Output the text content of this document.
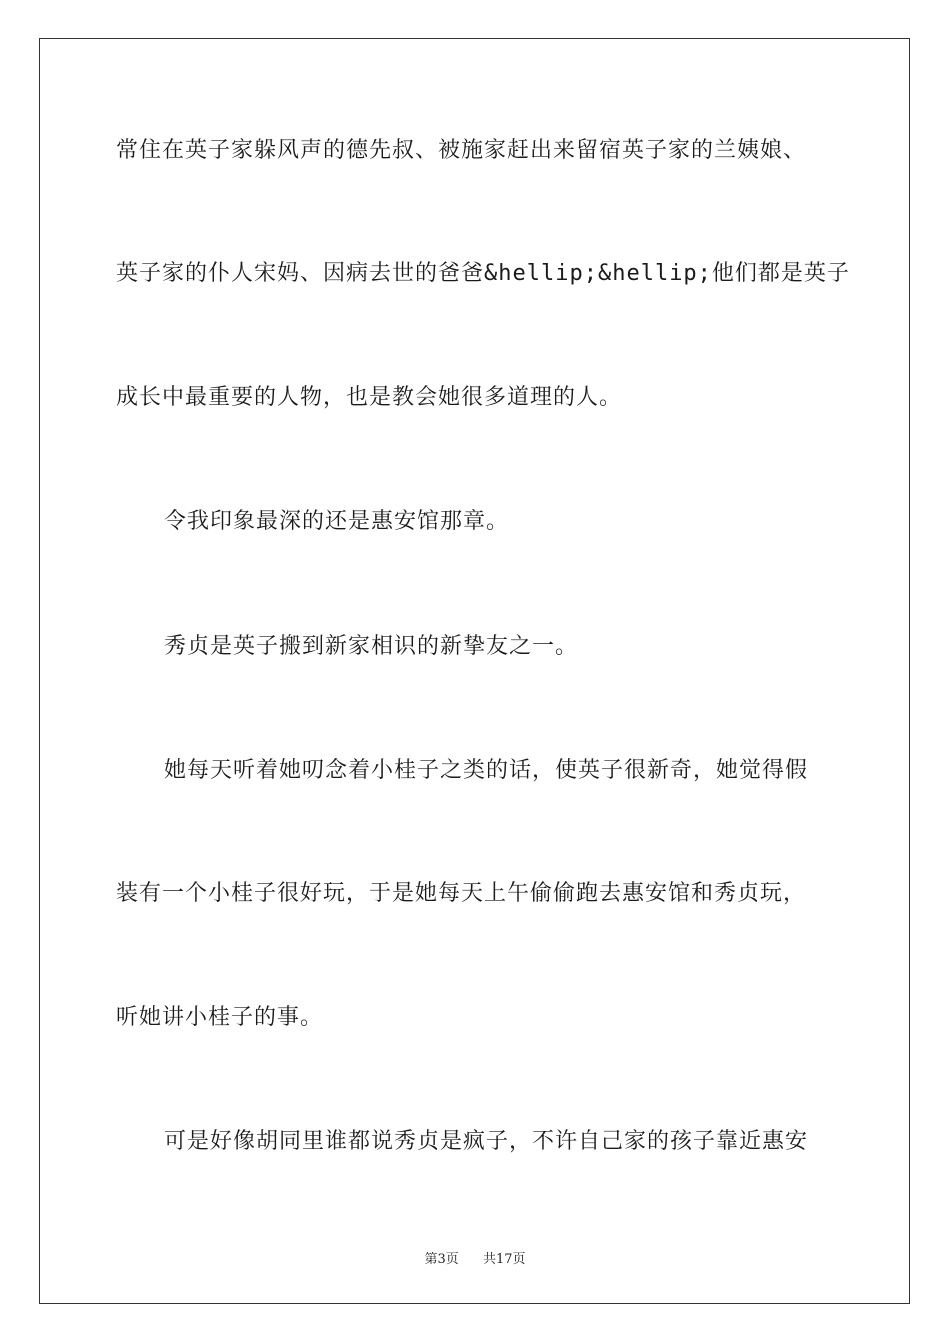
常住在英子家躲风声的德先叔、被施家赶出来留宿英子家的兰姨娘、

英子家的仆人宋妈、因病去世的爸爸&hellip;&hellip;他们都是英子

成长中最重要的人物，也是教会她很多道理的人。

令我印象最深的还是惠安馆那章。

秀贞是英子搬到新家相识的新挚友之一。

她每天听着她叨念着小桂子之类的话，使英子很新奇，她觉得假

装有一个小桂子很好玩，于是她每天上午偷偷跑去惠安馆和秀贞玩，

听她讲小桂子的事。

可是好像胡同里谁都说秀贞是疯子，不许自己家的孩子靠近惠安

第3页 共17页
